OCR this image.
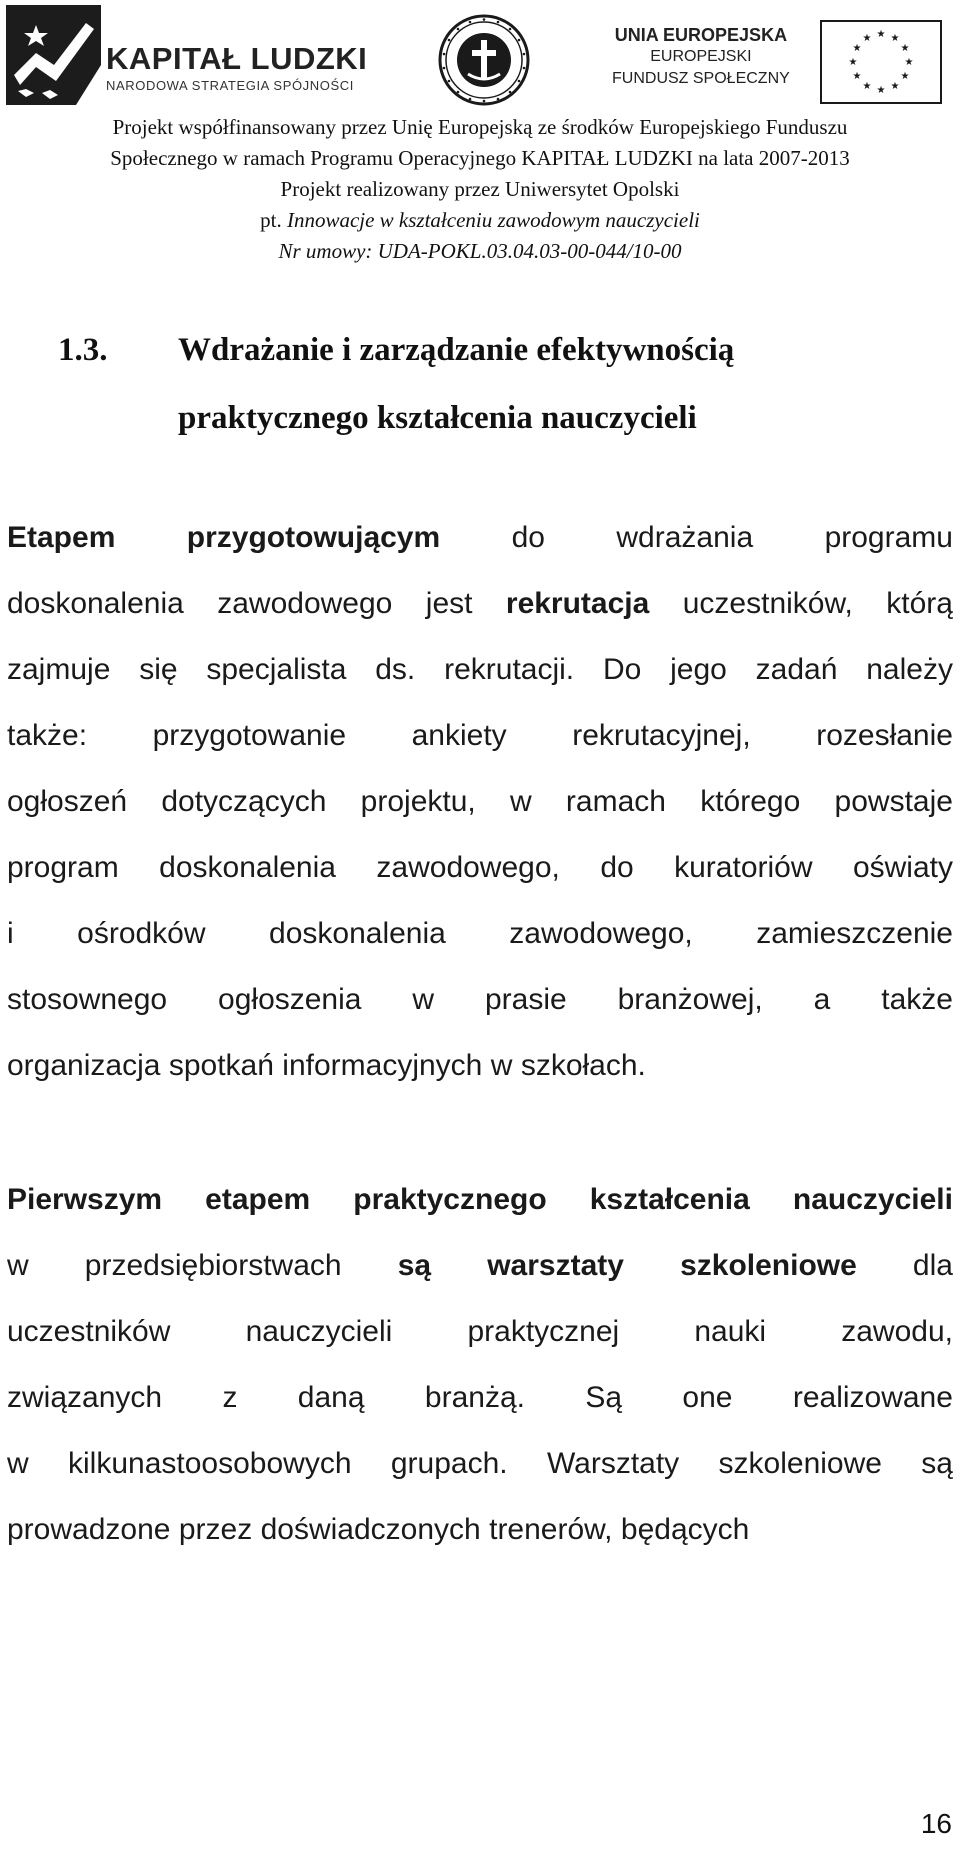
KAPITAŁ LUDZKI
NARODOWA STRATEGIA SPÓJNOŚCI
UNIA EUROPEJSKA
EUROPEJSKI
FUNDUSZ SPOŁECZNY
★ ★
★
★
★
★
★
★
★
★
★
★
Projekt współfinansowany przez Unię Europejską ze środków Europejskiego Funduszu
Społecznego w ramach Programu Operacyjnego KAPITAŁ LUDZKI na lata 2007-2013
Projekt realizowany przez Uniwersytet Opolski
pt. Innowacje w kształceniu zawodowym nauczycieli
Nr umowy: UDA-POKL.03.04.03-00-044/10-00
1.3. Wdrażanie i zarządzanie efektywnością
praktycznego kształcenia nauczycieli
Etapem przygotowującym do wdrażania programu
doskonalenia zawodowego jest rekrutacja uczestników, którą
zajmuje się specjalista ds. rekrutacji. Do jego zadań należy
także: przygotowanie ankiety rekrutacyjnej, rozesłanie
ogłoszeń dotyczących projektu, w ramach którego powstaje
program doskonalenia zawodowego, do kuratoriów oświaty
i ośrodków doskonalenia zawodowego, zamieszczenie
stosownego ogłoszenia w prasie branżowej, a także
organizacja spotkań informacyjnych w szkołach.
Pierwszym etapem praktycznego kształcenia nauczycieli
w przedsiębiorstwach są warsztaty szkoleniowe dla
uczestników	nauczycieli	praktycznej	nauki	zawodu,
związanych z daną branżą. Są one realizowane
w kilkunastoosobowych grupach. Warsztaty szkoleniowe są
prowadzone przez doświadczonych trenerów, będących
16
